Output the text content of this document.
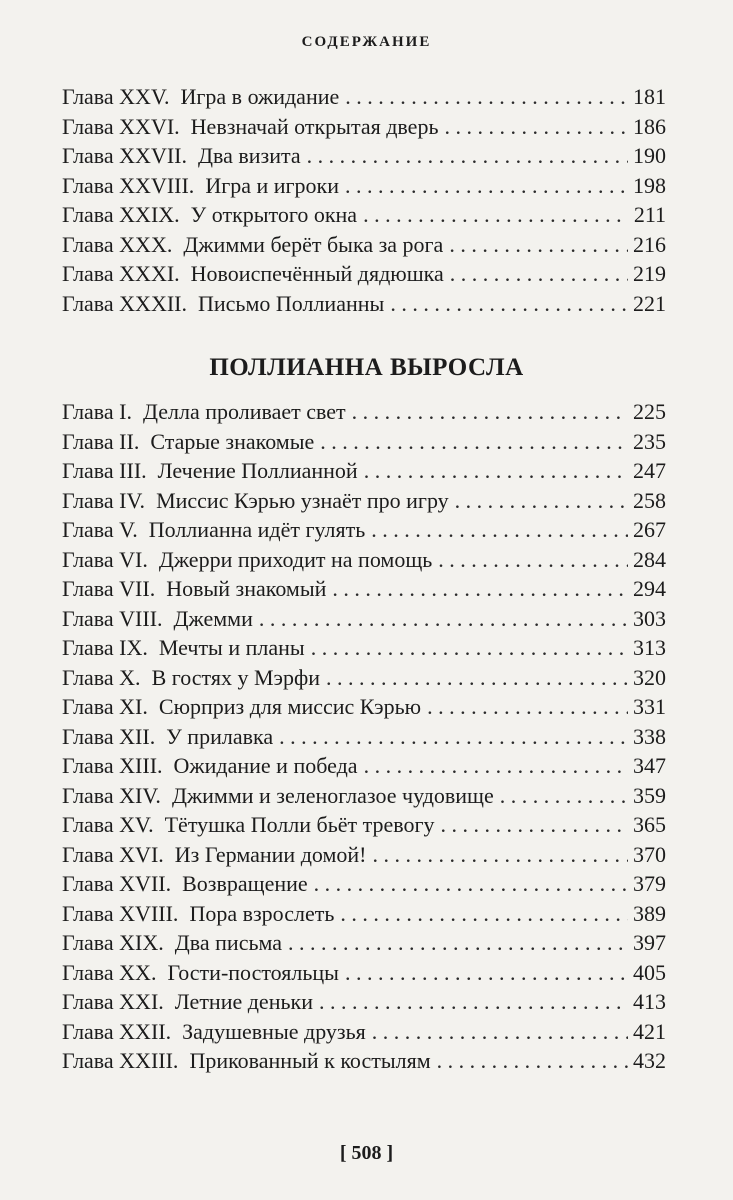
СОДЕРЖАНИЕ
Глава XXV. Игра в ожидание . . .	181
Глава XXVI. Невзначай открытая дверь . . .	186
Глава XXVII. Два визита . . .	190
Глава XXVIII. Игра и игроки . . .	198
Глава XXIX. У открытого окна . . .	211
Глава XXX. Джимми берёт быка за рога . . .	216
Глава XXXI. Новоиспечённый дядюшка . . .	219
Глава XXXII. Письмо Поллианны . . .	221
ПОЛЛИАННА ВЫРОСЛА
Глава I. Делла проливает свет . . .	225
Глава II. Старые знакомые . . .	235
Глава III. Лечение Поллианной . . .	247
Глава IV. Миссис Кэрью узнаёт про игру . . .	258
Глава V. Поллианна идёт гулять . . .	267
Глава VI. Джерри приходит на помощь . . .	284
Глава VII. Новый знакомый . . .	294
Глава VIII. Джемми . . .	303
Глава IX. Мечты и планы . . .	313
Глава X. В гостях у Мэрфи . . .	320
Глава XI. Сюрприз для миссис Кэрью . . .	331
Глава XII. У прилавка . . .	338
Глава XIII. Ожидание и победа . . .	347
Глава XIV. Джимми и зеленоглазое чудовище . . .	359
Глава XV. Тётушка Полли бьёт тревогу . . .	365
Глава XVI. Из Германии домой! . . .	370
Глава XVII. Возвращение . . .	379
Глава XVIII. Пора взрослеть . . .	389
Глава XIX. Два письма . . .	397
Глава XX. Гости-постояльцы . . .	405
Глава XXI. Летние деньки . . .	413
Глава XXII. Задушевные друзья . . .	421
Глава XXIII. Прикованный к костылям . . .	432
[ 508 ]
